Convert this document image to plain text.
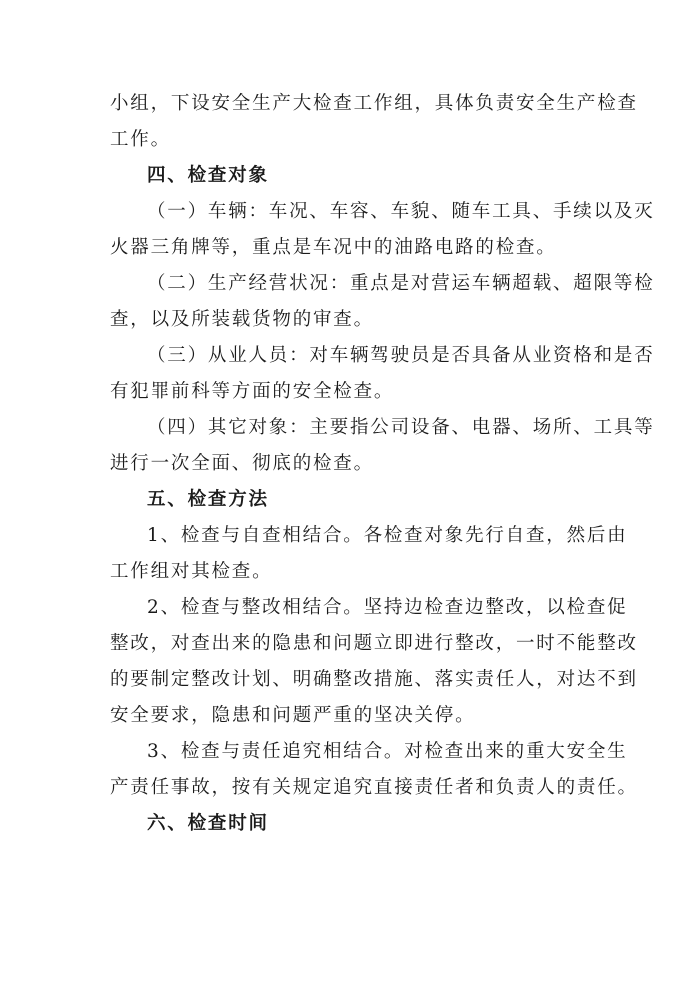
小组，下设安全生产大检查工作组，具体负责安全生产检查
工作。
四、检查对象
（一）车辆：车况、车容、车貌、随车工具、手续以及灭
火器三角牌等，重点是车况中的油路电路的检查。
（二）生产经营状况：重点是对营运车辆超载、超限等检
查，以及所装载货物的审查。
（三）从业人员：对车辆驾驶员是否具备从业资格和是否
有犯罪前科等方面的安全检查。
（四）其它对象：主要指公司设备、电器、场所、工具等
进行一次全面、彻底的检查。
五、检查方法
1、检查与自查相结合。各检查对象先行自查，然后由
工作组对其检查。
2、检查与整改相结合。坚持边检查边整改，以检查促
整改，对查出来的隐患和问题立即进行整改，一时不能整改
的要制定整改计划、明确整改措施、落实责任人，对达不到
安全要求，隐患和问题严重的坚决关停。
3、检查与责任追究相结合。对检查出来的重大安全生
产责任事故，按有关规定追究直接责任者和负责人的责任。
六、检查时间
